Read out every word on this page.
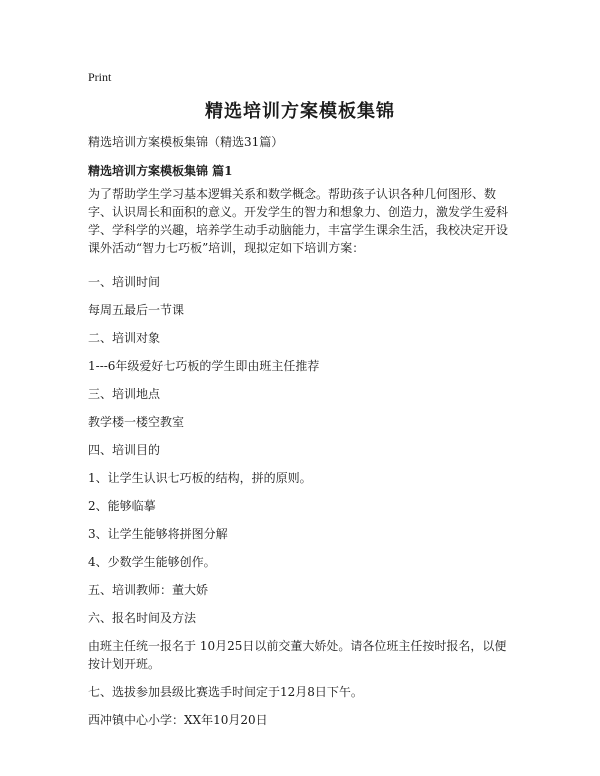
Print
精选培训方案模板集锦

精选培训方案模板集锦（精选31篇）

精选培训方案模板集锦 篇1

为了帮助学生学习基本逻辑关系和数学概念。帮助孩子认识各种几何图形、数字、认识周长和面积的意义。开发学生的智力和想象力、创造力，激发学生爱科学、学科学的兴趣，培养学生动手动脑能力，丰富学生课余生活，我校决定开设课外活动“智力七巧板”培训，现拟定如下培训方案：

一、培训时间

每周五最后一节课

二、培训对象

1---6年级爱好七巧板的学生即由班主任推荐

三、培训地点

教学楼一楼空教室

四、培训目的

1、让学生认识七巧板的结构，拼的原则。

2、能够临摹

3、让学生能够将拼图分解

4、少数学生能够创作。

五、培训教师：董大娇

六、报名时间及方法

由班主任统一报名于 10月25日以前交董大娇处。请各位班主任按时报名，以便按计划开班。

七、选拔参加县级比赛选手时间定于12月8日下午。

西冲镇中心小学：XX年10月20日
